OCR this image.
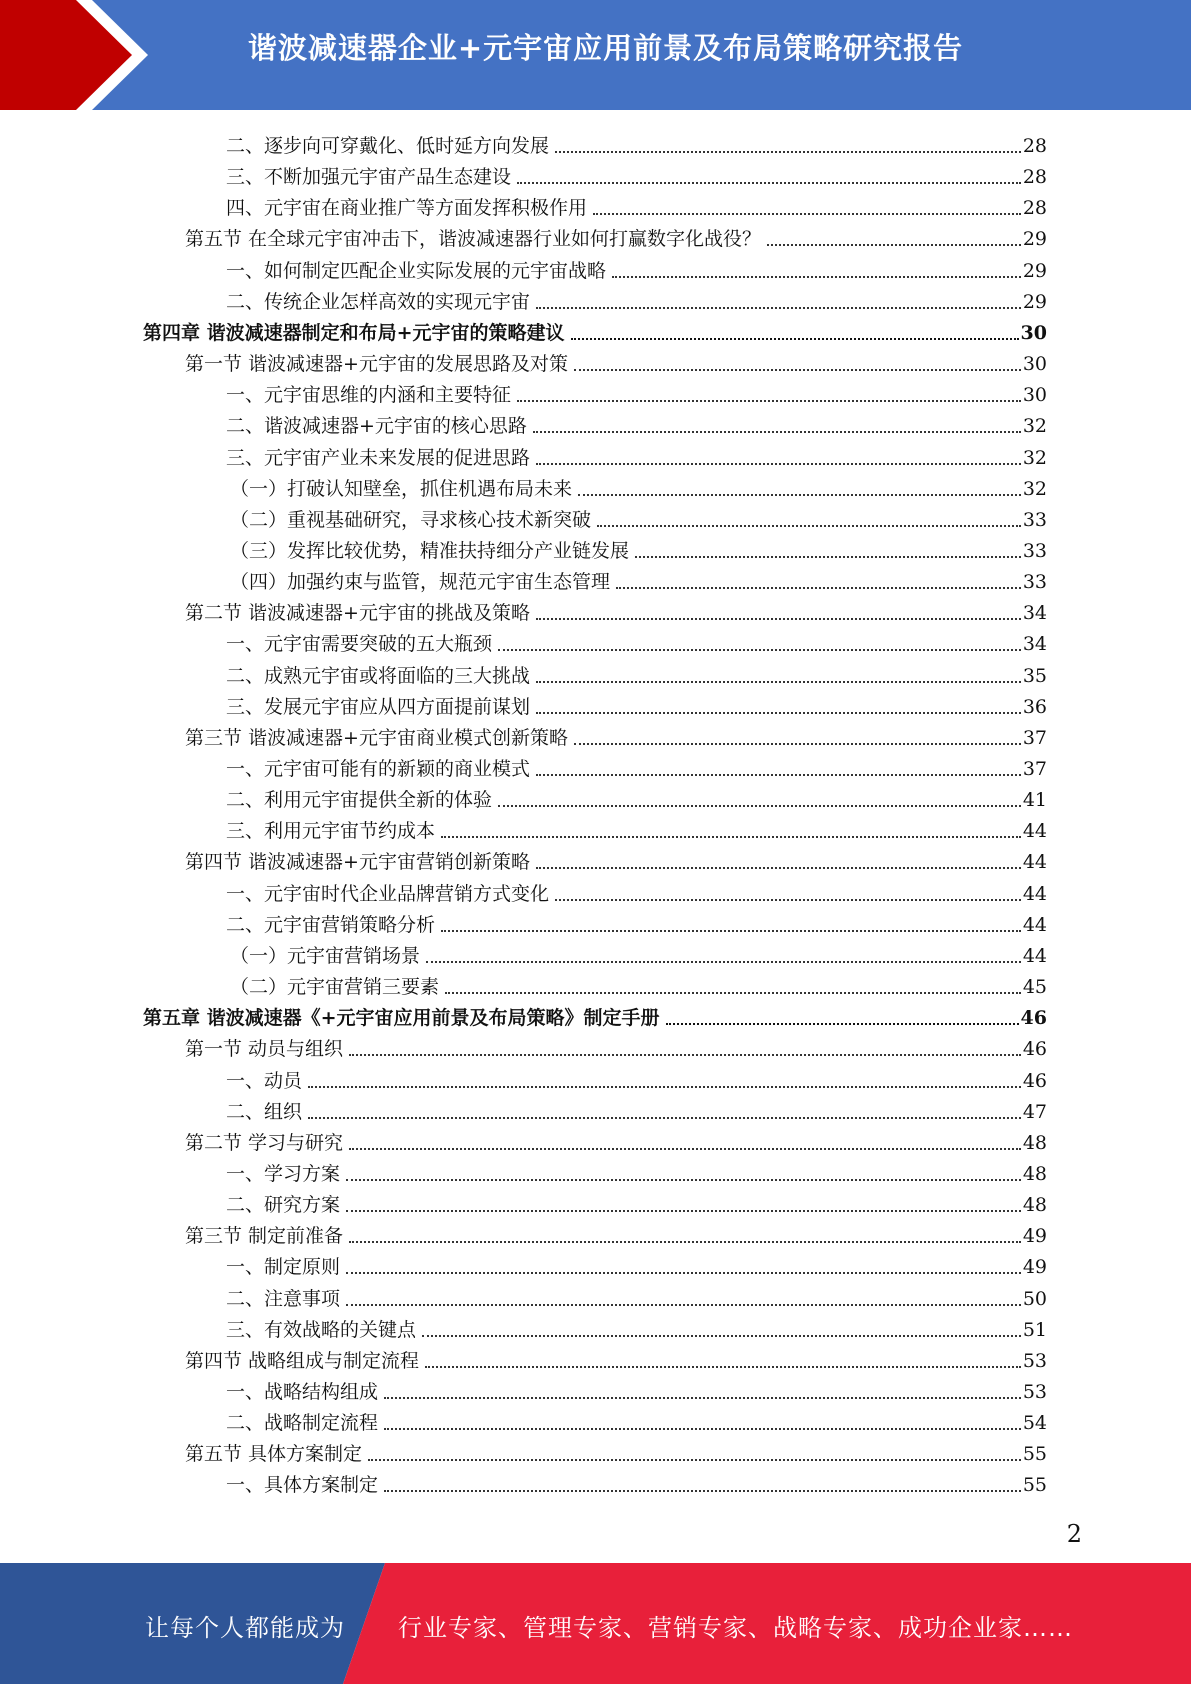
谐波减速器企业+元宇宙应用前景及布局策略研究报告
二、逐步向可穿戴化、低时延方向发展	28
三、不断加强元宇宙产品生态建设	28
四、元宇宙在商业推广等方面发挥积极作用	28
第五节 在全球元宇宙冲击下，谐波减速器行业如何打赢数字化战役？	29
一、如何制定匹配企业实际发展的元宇宙战略	29
二、传统企业怎样高效的实现元宇宙	29
第四章 谐波减速器制定和布局+元宇宙的策略建议	30
第一节 谐波减速器+元宇宙的发展思路及对策	30
一、元宇宙思维的内涵和主要特征	30
二、谐波减速器+元宇宙的核心思路	32
三、元宇宙产业未来发展的促进思路	32
（一）打破认知壁垒，抓住机遇布局未来	32
（二）重视基础研究，寻求核心技术新突破	33
（三）发挥比较优势，精准扶持细分产业链发展	33
（四）加强约束与监管，规范元宇宙生态管理	33
第二节 谐波减速器+元宇宙的挑战及策略	34
一、元宇宙需要突破的五大瓶颈	34
二、成熟元宇宙或将面临的三大挑战	35
三、发展元宇宙应从四方面提前谋划	36
第三节 谐波减速器+元宇宙商业模式创新策略	37
一、元宇宙可能有的新颖的商业模式	37
二、利用元宇宙提供全新的体验	41
三、利用元宇宙节约成本	44
第四节 谐波减速器+元宇宙营销创新策略	44
一、元宇宙时代企业品牌营销方式变化	44
二、元宇宙营销策略分析	44
（一）元宇宙营销场景	44
（二）元宇宙营销三要素	45
第五章 谐波减速器《+元宇宙应用前景及布局策略》制定手册	46
第一节 动员与组织	46
一、动员	46
二、组织	47
第二节 学习与研究	48
一、学习方案	48
二、研究方案	48
第三节 制定前准备	49
一、制定原则	49
二、注意事项	50
三、有效战略的关键点	51
第四节 战略组成与制定流程	53
一、战略结构组成	53
二、战略制定流程	54
第五节 具体方案制定	55
一、具体方案制定	55
2
让每个人都能成为 行业专家、管理专家、营销专家、战略专家、成功企业家……
